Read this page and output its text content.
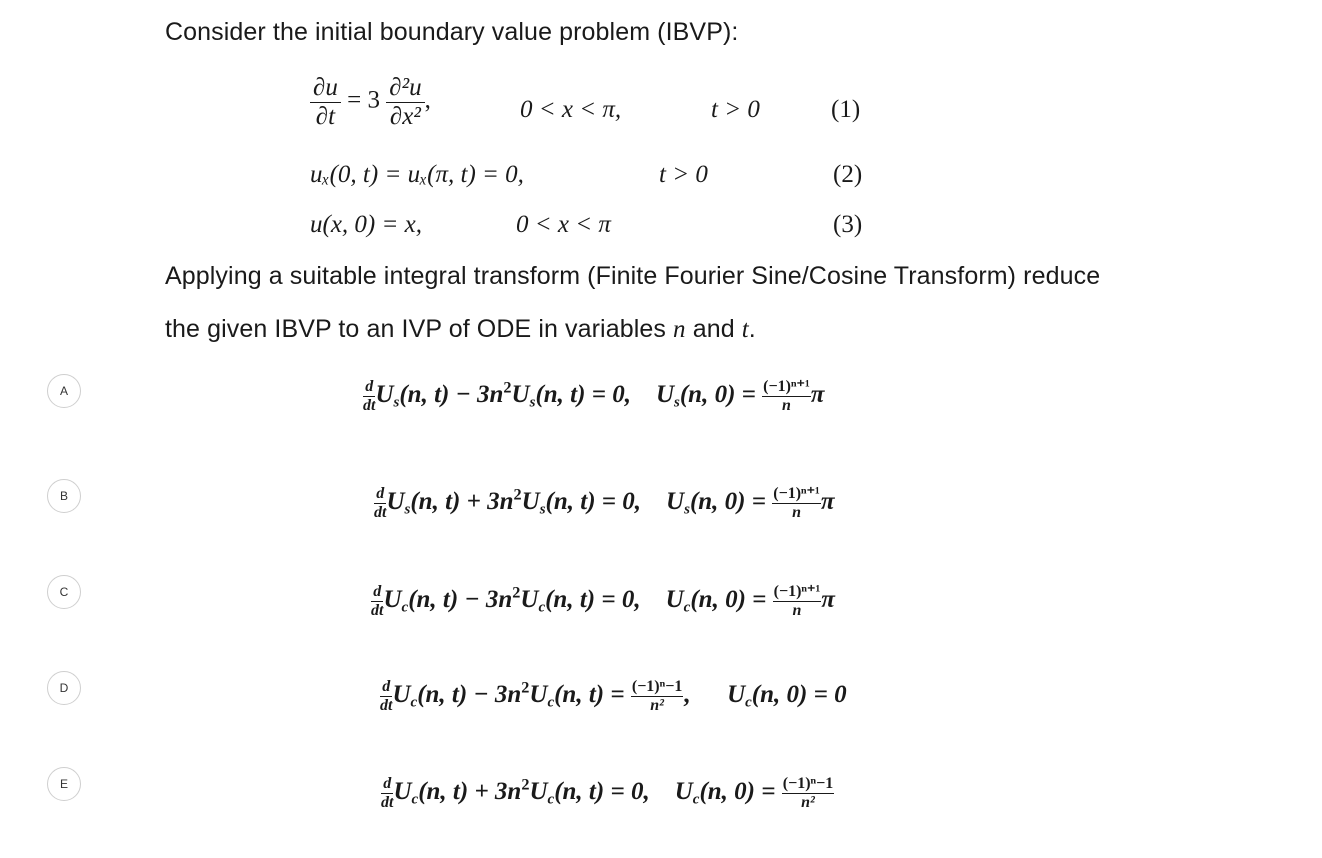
Consider the initial boundary value problem (IBVP):
$\frac{\partial u}{\partial t} = 3 \frac{\text{∂²u}}{\text{∂x²}}$ ,	0 < x < π,	t > 0	(1)
uₓ(0, t) = uₓ(π, t) = 0,	t > 0	(2)
u(x, 0) = x,	0 < x < π	(3)
Applying a suitable integral transform (Finite Fourier Sine/Cosine Transform) reduce
the given IBVP to an IVP of ODE in variables n and t.
A	$\frac{d}{dt} Us(n$, $t) - 3n^2Us(n$, t) = 0, Us(n, $0) = \frac{\text{(−1)ⁿ⁺¹}}{n}$ π
B	$\frac{d}{dt} Us(n$, $t) + 3n^2Us(n$, t) = 0, Us(n, $0) = \frac{\text{(−1)ⁿ⁺¹}}{n}$ π
C	$\frac{d}{dt} Uc(n$, $t) - 3n^2Uc(n$, t) = 0, Uc(n, $0) = \frac{\text{(−1)ⁿ⁺¹}}{n}$ π
D	$\frac{d}{dt} Uc(n$, $t) - 3n^2Uc(n$, $t) = \frac{\text{(−1)ⁿ−1}}{\text{n²}}$ , Uc(n, 0) = 0
E	$\frac{d}{dt} Uc(n$, $t) + 3n^2Uc(n$, t) = 0, Uc(n, $0) = \frac{\text{(−1)ⁿ−1}}{\text{n²}}$
